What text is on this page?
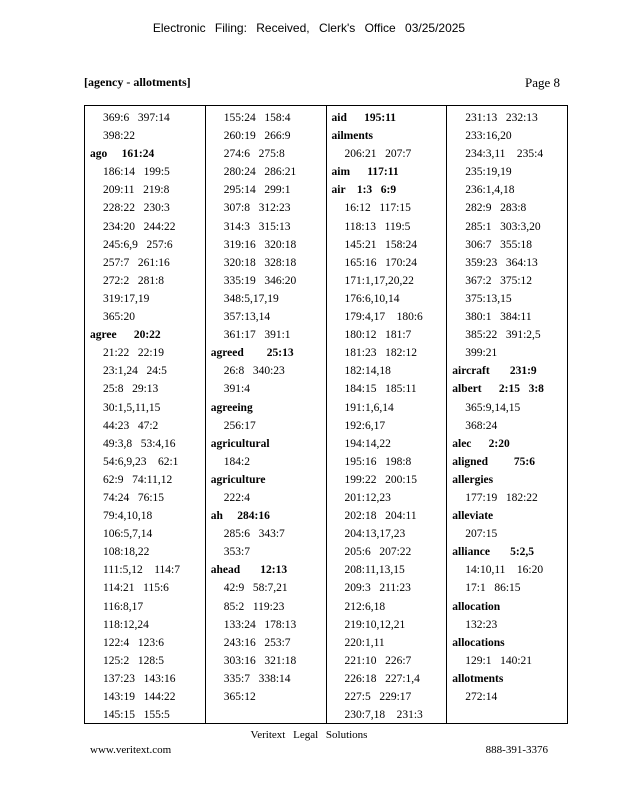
Electronic Filing: Received, Clerk's Office 03/25/2025
[agency - allotments]	Page 8
369:6   397:14
398:22
ago     161:24
186:14   199:5
209:11   219:8
228:22   230:3
234:20   244:22
245:6,9   257:6
257:7   261:16
272:2   281:8
319:17,19
365:20
agree      20:22
21:22   22:19
23:1,24   24:5
25:8   29:13
30:1,5,11,15
44:23   47:2
49:3,8   53:4,16
54:6,9,23    62:1
62:9   74:11,12
74:24   76:15
79:4,10,18
106:5,7,14
108:18,22
111:5,12    114:7
114:21   115:6
116:8,17
118:12,24
122:4   123:6
125:2   128:5
137:23   143:16
143:19   144:22
145:15   155:5
155:24   158:4
260:19   266:9
274:6   275:8
280:24   286:21
295:14   299:1
307:8   312:23
314:3   315:13
319:16   320:18
320:18   328:18
335:19   346:20
348:5,17,19
357:13,14
361:17   391:1
agreed        25:13
26:8   340:23
391:4
agreeing
256:17
agricultural
184:2
agriculture
222:4
ah     284:16
285:6   343:7
353:7
ahead       12:13
42:9   58:7,21
85:2   119:23
133:24   178:13
243:16   253:7
303:16   321:18
335:7   338:14
365:12
aid      195:11
ailments
206:21   207:7
aim      117:11
air    1:3   6:9
16:12   117:15
118:13   119:5
145:21   158:24
165:16   170:24
171:1,17,20,22
176:6,10,14
179:4,17    180:6
180:12   181:7
181:23   182:12
182:14,18
184:15   185:11
191:1,6,14
192:6,17
194:14,22
195:16   198:8
199:22   200:15
201:12,23
202:18   204:11
204:13,17,23
205:6   207:22
208:11,13,15
209:3   211:23
212:6,18
219:10,12,21
220:1,11
221:10   226:7
226:18   227:1,4
227:5   229:17
230:7,18    231:3
231:13   232:13
233:16,20
234:3,11    235:4
235:19,19
236:1,4,18
282:9   283:8
285:1   303:3,20
306:7   355:18
359:23   364:13
367:2   375:12
375:13,15
380:1   384:11
385:22   391:2,5
399:21
aircraft       231:9
albert      2:15   3:8
365:9,14,15
368:24
alec      2:20
aligned         75:6
allergies
177:19   182:22
alleviate
207:15
alliance       5:2,5
14:10,11    16:20
17:1   86:15
allocation
132:23
allocations
129:1   140:21
allotments
272:14
Veritext Legal Solutions
www.veritext.com	888-391-3376
